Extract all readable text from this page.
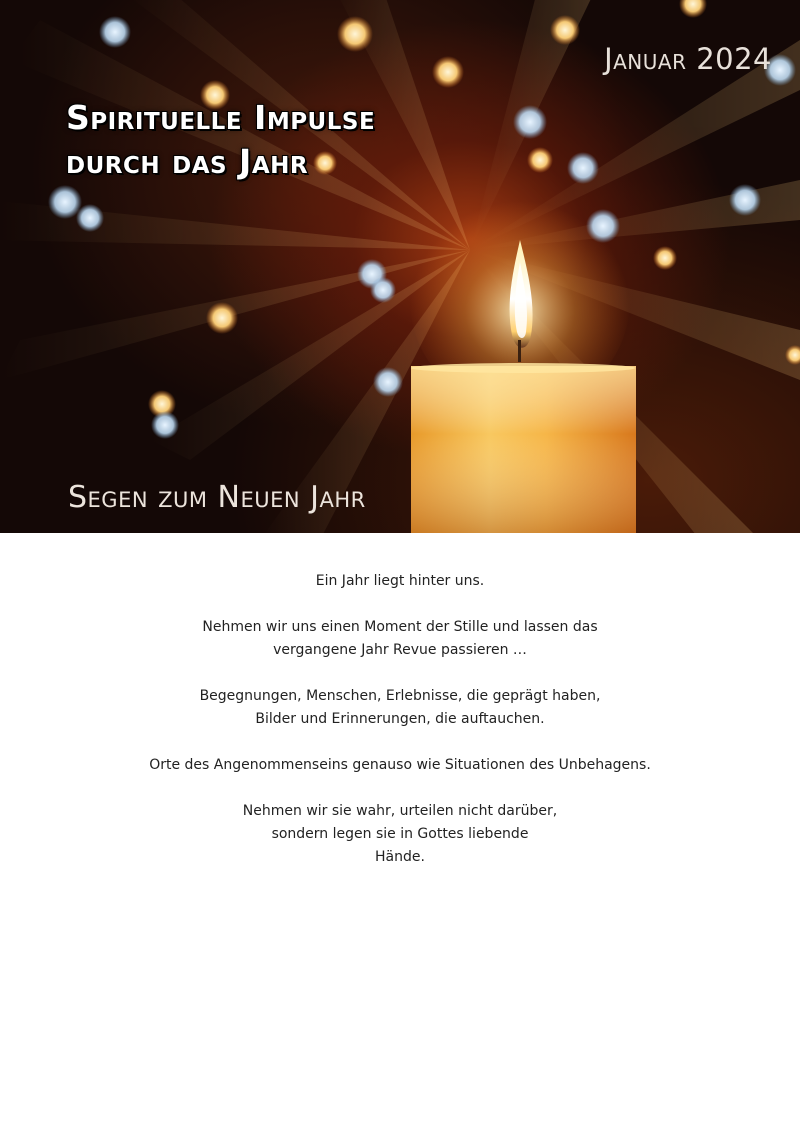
Spirituelle Impulse
durch das Jahr
Januar 2024
Segen zum Neuen Jahr

Ein Jahr liegt hinter uns.

Nehmen wir uns einen Moment der Stille und lassen das
vergangene Jahr Revue passieren …

Begegnungen, Menschen, Erlebnisse, die geprägt haben,
Bilder und Erinnerungen, die auftauchen.

Orte des Angenommenseins genauso wie Situationen des Unbehagens.

Nehmen wir sie wahr, urteilen nicht darüber,
sondern legen sie in Gottes liebende
Hände.
